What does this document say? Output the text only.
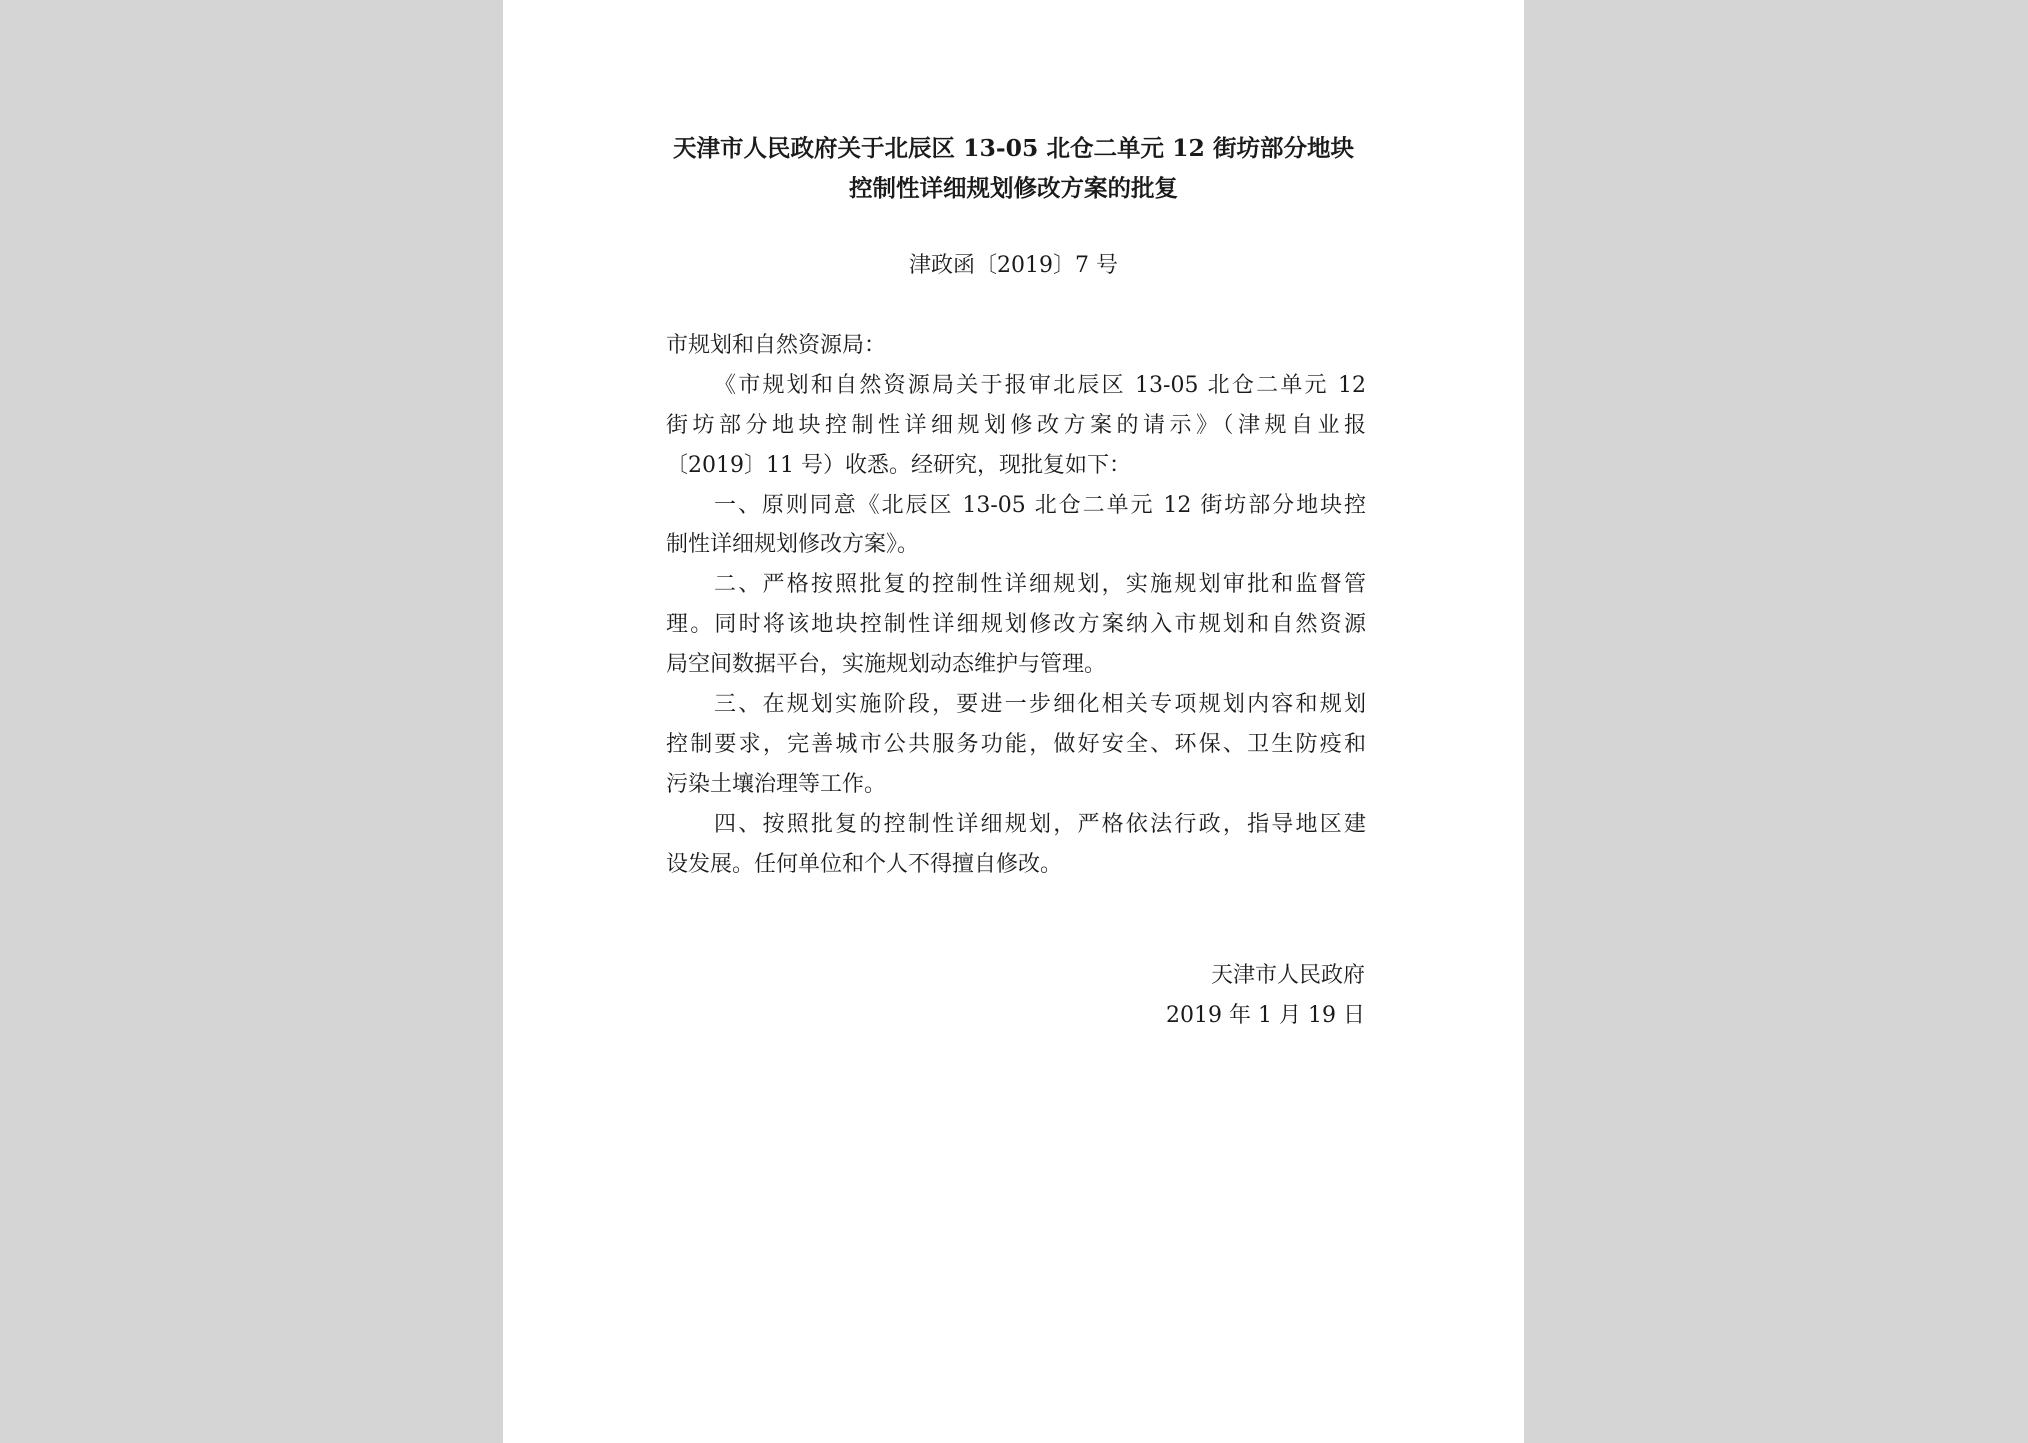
天津市人民政府关于北辰区 13-05 北仓二单元 12 街坊部分地块
控制性详细规划修改方案的批复
津政函〔2019〕7 号
市规划和自然资源局：
《市规划和自然资源局关于报审北辰区 13-05 北仓二单元 12
街坊部分地块控制性详细规划修改方案的请示》（津规自业报
〔2019〕11 号）收悉。经研究，现批复如下：
一、原则同意《北辰区 13-05 北仓二单元 12 街坊部分地块控
制性详细规划修改方案》。
二、严格按照批复的控制性详细规划，实施规划审批和监督管
理。同时将该地块控制性详细规划修改方案纳入市规划和自然资源
局空间数据平台，实施规划动态维护与管理。
三、在规划实施阶段，要进一步细化相关专项规划内容和规划
控制要求，完善城市公共服务功能，做好安全、环保、卫生防疫和
污染土壤治理等工作。
四、按照批复的控制性详细规划，严格依法行政，指导地区建
设发展。任何单位和个人不得擅自修改。
天津市人民政府
2019 年 1 月 19 日
